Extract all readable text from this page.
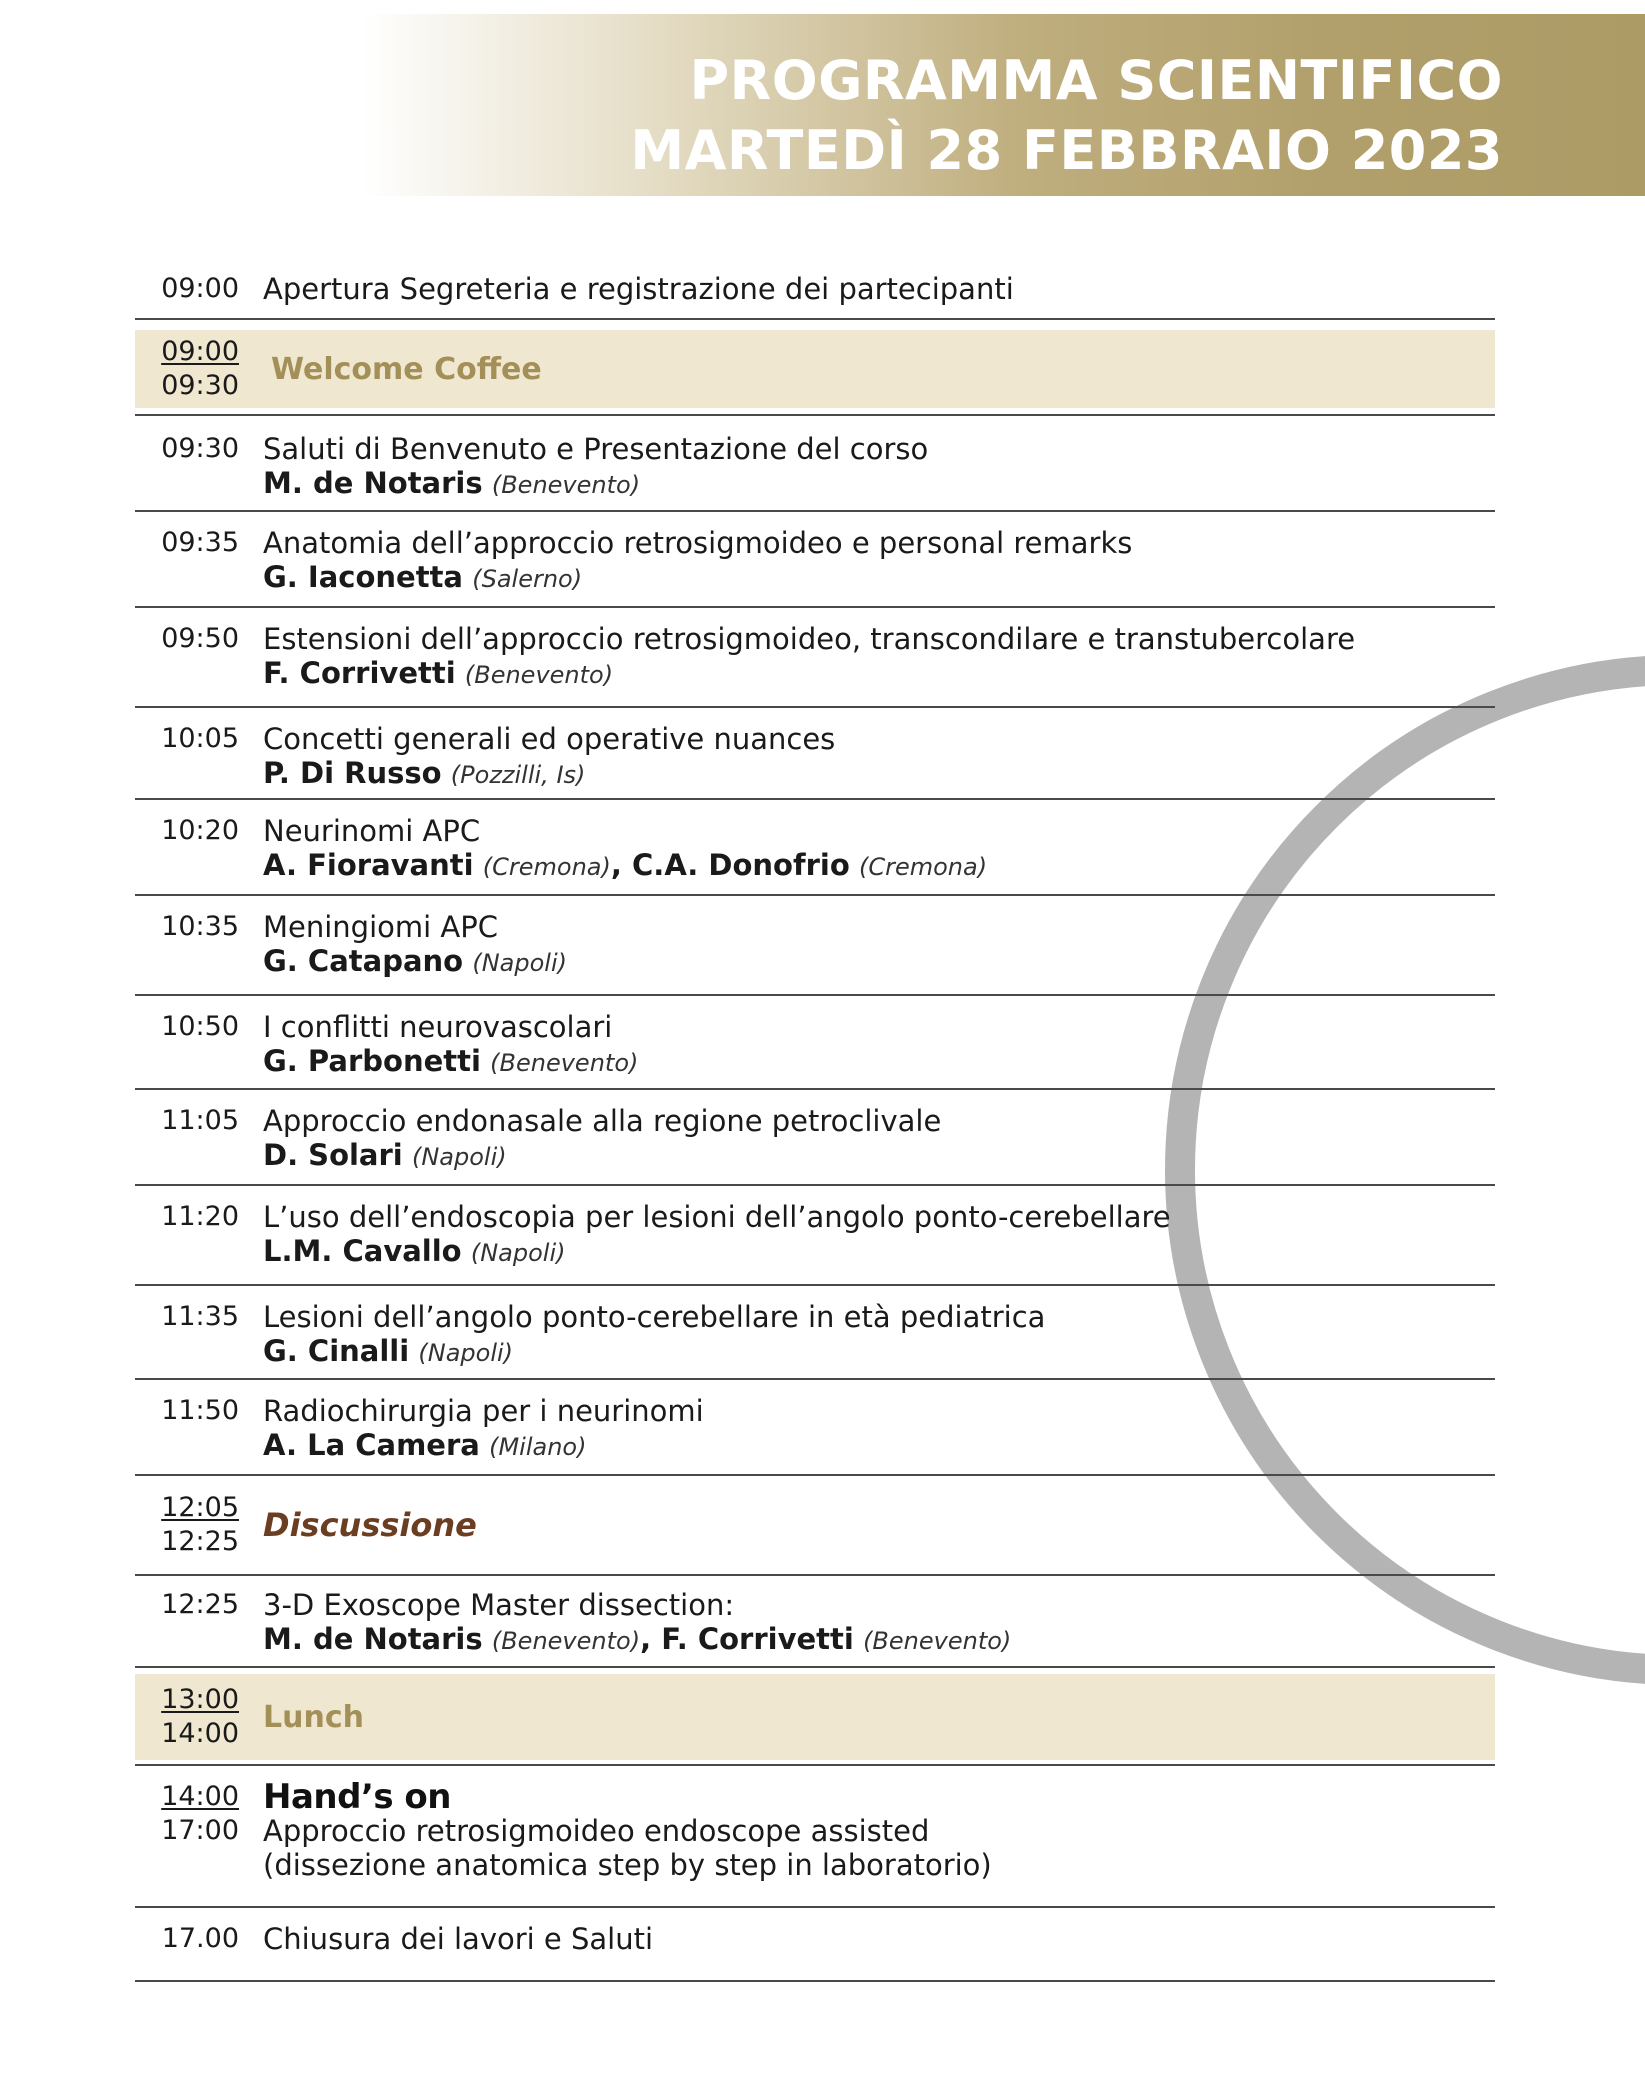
PROGRAMMA SCIENTIFICO
MARTEDÌ 28 FEBBRAIO 2023
09:00 Apertura Segreteria e registrazione dei partecipanti
09:00
09:30 Welcome Coffee
09:30 Saluti di Benvenuto e Presentazione del corso
M. de Notaris (Benevento)
09:35 Anatomia dell’approccio retrosigmoideo e personal remarks
G. Iaconetta (Salerno)
09:50 Estensioni dell’approccio retrosigmoideo, transcondilare e transtubercolare
F. Corrivetti (Benevento)
10:05 Concetti generali ed operative nuances
P. Di Russo (Pozzilli, Is)
10:20 Neurinomi APC
A. Fioravanti (Cremona), C.A. Donofrio (Cremona)
10:35 Meningiomi APC
G. Catapano (Napoli)
10:50 I conflitti neurovascolari
G. Parbonetti (Benevento)
11:05 Approccio endonasale alla regione petroclivale
D. Solari (Napoli)
11:20 L’uso dell’endoscopia per lesioni dell’angolo ponto-cerebellare
L.M. Cavallo (Napoli)
11:35 Lesioni dell’angolo ponto-cerebellare in età pediatrica
G. Cinalli (Napoli)
11:50 Radiochirurgia per i neurinomi
A. La Camera (Milano)
12:05
12:25 Discussione
12:25 3-D Exoscope Master dissection:
M. de Notaris (Benevento), F. Corrivetti (Benevento)
13:00
14:00 Lunch
14:00
17:00
Hand’s on
Approccio retrosigmoideo endoscope assisted
(dissezione anatomica step by step in laboratorio)
17.00 Chiusura dei lavori e Saluti
